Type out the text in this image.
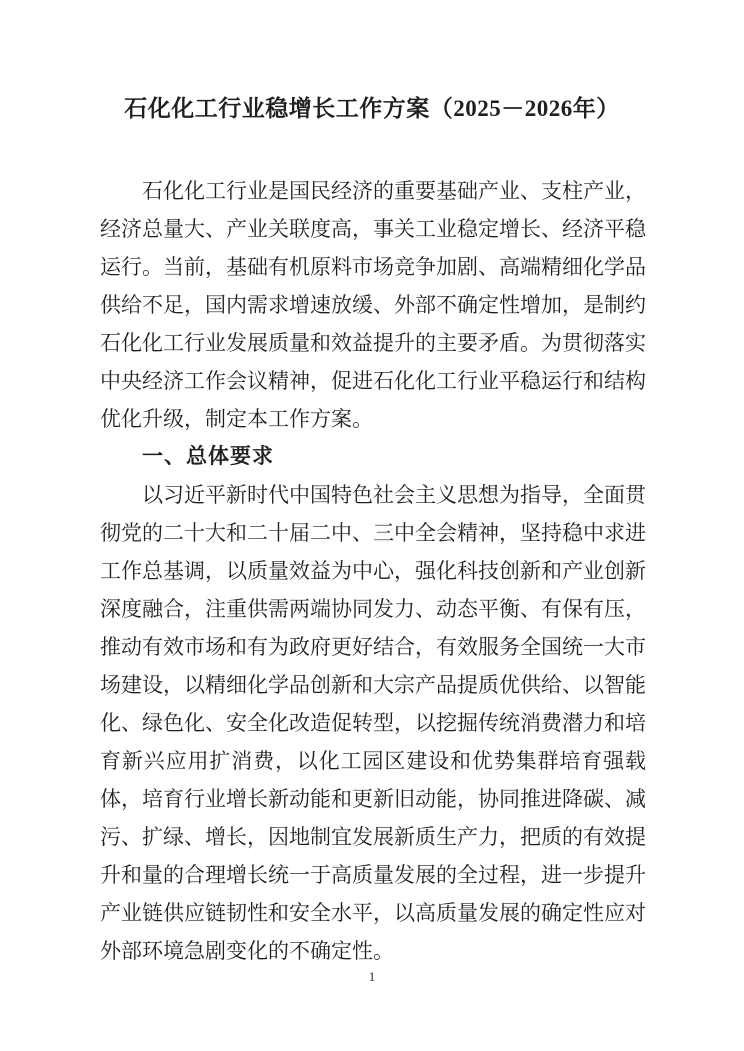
石化化工行业稳增长工作方案（2025－2026年）

石化化工行业是国民经济的重要基础产业、支柱产业，经济总量大、产业关联度高，事关工业稳定增长、经济平稳运行。当前，基础有机原料市场竞争加剧、高端精细化学品供给不足，国内需求增速放缓、外部不确定性增加，是制约石化化工行业发展质量和效益提升的主要矛盾。为贯彻落实中央经济工作会议精神，促进石化化工行业平稳运行和结构优化升级，制定本工作方案。

一、总体要求

以习近平新时代中国特色社会主义思想为指导，全面贯彻党的二十大和二十届二中、三中全会精神，坚持稳中求进工作总基调，以质量效益为中心，强化科技创新和产业创新深度融合，注重供需两端协同发力、动态平衡、有保有压，推动有效市场和有为政府更好结合，有效服务全国统一大市场建设，以精细化学品创新和大宗产品提质优供给、以智能化、绿色化、安全化改造促转型，以挖掘传统消费潜力和培育新兴应用扩消费，以化工园区建设和优势集群培育强载体，培育行业增长新动能和更新旧动能，协同推进降碳、减污、扩绿、增长，因地制宜发展新质生产力，把质的有效提升和量的合理增长统一于高质量发展的全过程，进一步提升产业链供应链韧性和安全水平，以高质量发展的确定性应对外部环境急剧变化的不确定性。

1
